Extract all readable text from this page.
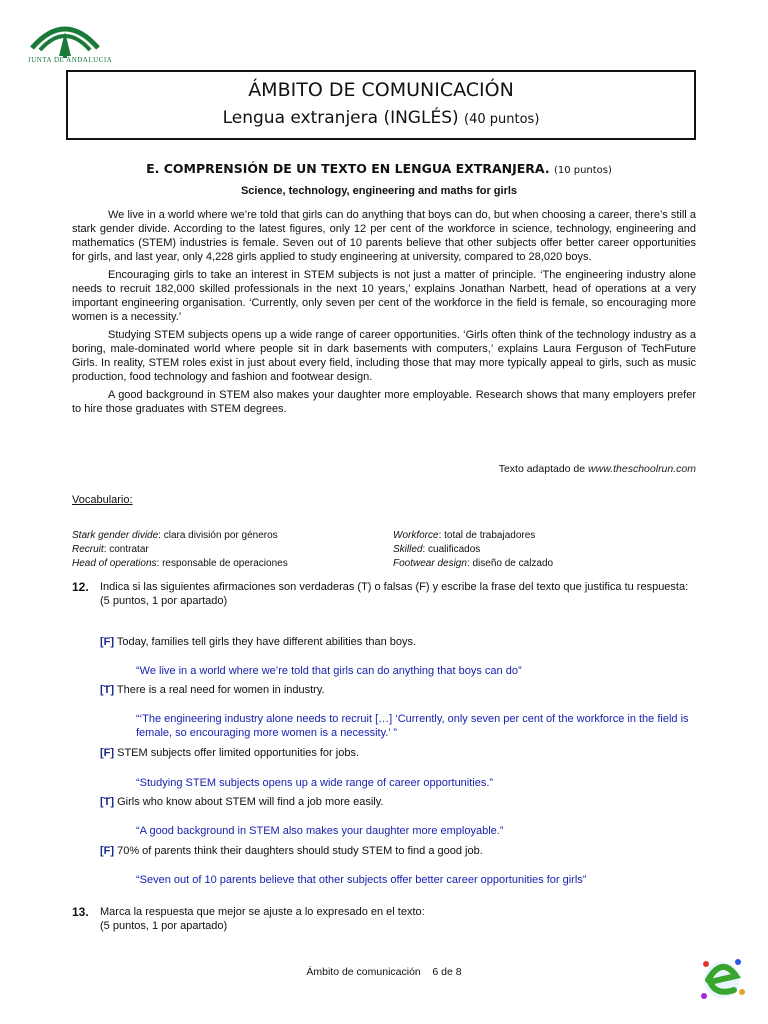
JUNTA DE ANDALUCIA
ÁMBITO DE COMUNICACIÓN
Lengua extranjera (INGLÉS) (40 puntos)
E. COMPRENSIÓN DE UN TEXTO EN LENGUA EXTRANJERA. (10 puntos)
Science, technology, engineering and maths for girls

We live in a world where we’re told that girls can do anything that boys can do, but when choosing a career, there’s still a stark gender divide. According to the latest figures, only 12 per cent of the workforce in science, technology, engineering and mathematics (STEM) industries is female. Seven out of 10 parents believe that other subjects offer better career opportunities for girls, and last year, only 4,228 girls applied to study engineering at university, compared to 28,020 boys.

Encouraging girls to take an interest in STEM subjects is not just a matter of principle. ‘The engineering industry alone needs to recruit 182,000 skilled professionals in the next 10 years,’ explains Jonathan Narbett, head of operations at a very important engineering organisation. ‘Currently, only seven per cent of the workforce in the field is female, so encouraging more women is a necessity.’

Studying STEM subjects opens up a wide range of career opportunities. ‘Girls often think of the technology industry as a boring, male-dominated world where people sit in dark basements with computers,’ explains Laura Ferguson of TechFuture Girls. In reality, STEM roles exist in just about every field, including those that may more typically appeal to girls, such as music production, food technology and fashion and footwear design.

A good background in STEM also makes your daughter more employable. Research shows that many employers prefer to hire those graduates with STEM degrees.

Texto adaptado de www.theschoolrun.com
Vocabulario:
Stark gender divide: clara división por géneros	Workforce: total de trabajadores
Recruit: contratar	Skilled: cualificados
Head of operations: responsable de operaciones	Footwear design: diseño de calzado
12. Indica si las siguientes afirmaciones son verdaderas (T) o falsas (F) y escribe la frase del texto que justifica tu respuesta:
(5 puntos, 1 por apartado)
[F] Today, families tell girls they have different abilities than boys.
“We live in a world where we’re told that girls can do anything that boys can do”
[T] There is a real need for women in industry.
“‘The engineering industry alone needs to recruit […] ‘Currently, only seven per cent of the workforce in the field is female, so encouraging more women is a necessity.’ ”
[F] STEM subjects offer limited opportunities for jobs.
“Studying STEM subjects opens up a wide range of career opportunities.”
[T] Girls who know about STEM will find a job more easily.
“A good background in STEM also makes your daughter more employable.”
[F] 70% of parents think their daughters should study STEM to find a good job.
“Seven out of 10 parents believe that other subjects offer better career opportunities for girls”
13. Marca la respuesta que mejor se ajuste a lo expresado en el texto:
(5 puntos, 1 por apartado)
Ámbito de comunicación    6 de 8
